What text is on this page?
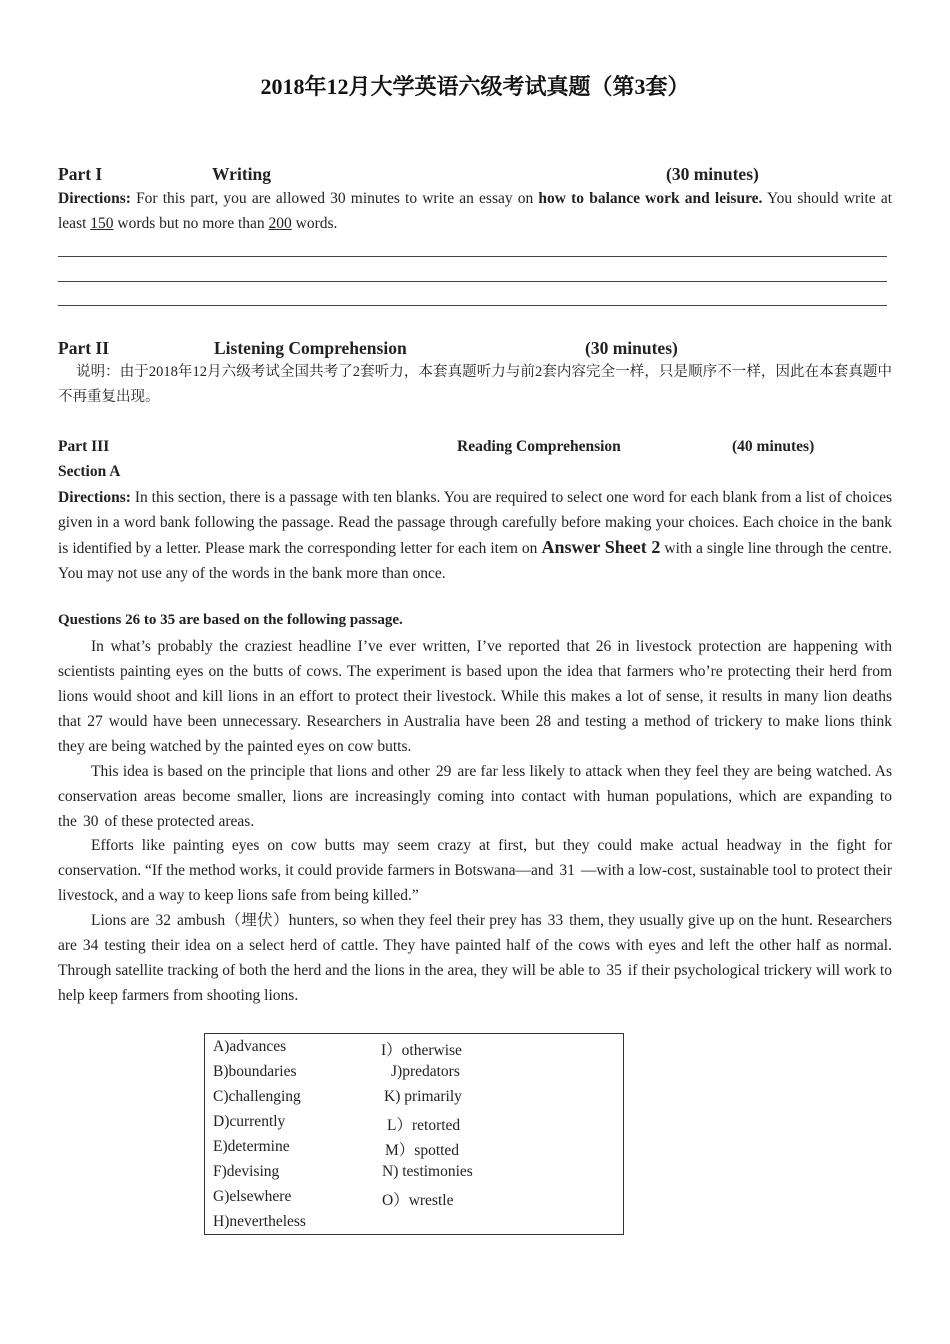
2018年12月大学英语六级考试真题（第3套）
Part I	Writing	(30 minutes)
Directions: For this part, you are allowed 30 minutes to write an essay on how to balance work and leisure. You should write at least 150 words but no more than 200 words.
Part II	Listening Comprehension	(30 minutes)
说明：由于2018年12月六级考试全国共考了2套听力，本套真题听力与前2套内容完全一样，只是顺序不一样，因此在本套真题中不再重复出现。
Part III	Reading Comprehension	(40 minutes)
Section A
Directions: In this section, there is a passage with ten blanks. You are required to select one word for each blank from a list of choices given in a word bank following the passage. Read the passage through carefully before making your choices. Each choice in the bank is identified by a letter. Please mark the corresponding letter for each item on Answer Sheet 2 with a single line through the centre. You may not use any of the words in the bank more than once.
Questions 26 to 35 are based on the following passage.
In what’s probably the craziest headline I’ve ever written, I’ve reported that 26 in livestock protection are happening with scientists painting eyes on the butts of cows. The experiment is based upon the idea that farmers who’re protecting their herd from lions would shoot and kill lions in an effort to protect their livestock. While this makes a lot of sense, it results in many lion deaths that 27 would have been unnecessary. Researchers in Australia have been 28 and testing a method of trickery to make lions think they are being watched by the painted eyes on cow butts.
This idea is based on the principle that lions and other 29 are far less likely to attack when they feel they are being watched. As conservation areas become smaller, lions are increasingly coming into contact with human populations, which are expanding to the 30 of these protected areas.
Efforts like painting eyes on cow butts may seem crazy at first, but they could make actual headway in the fight for conservation. “If the method works, it could provide farmers in Botswana—and 31 —with a low-cost, sustainable tool to protect their livestock, and a way to keep lions safe from being killed.”
Lions are 32 ambush（埋伏）hunters, so when they feel their prey has 33 them, they usually give up on the hunt. Researchers are 34 testing their idea on a select herd of cattle. They have painted half of the cows with eyes and left the other half as normal. Through satellite tracking of both the herd and the lions in the area, they will be able to 35 if their psychological trickery will work to help keep farmers from shooting lions.
A)advances
B)boundaries
C)challenging
D)currently
E)determine
F)devising
G)elsewhere
H)nevertheless
I）otherwise
J)predators
K) primarily
L）retorted
M）spotted
N) testimonies
O）wrestle
